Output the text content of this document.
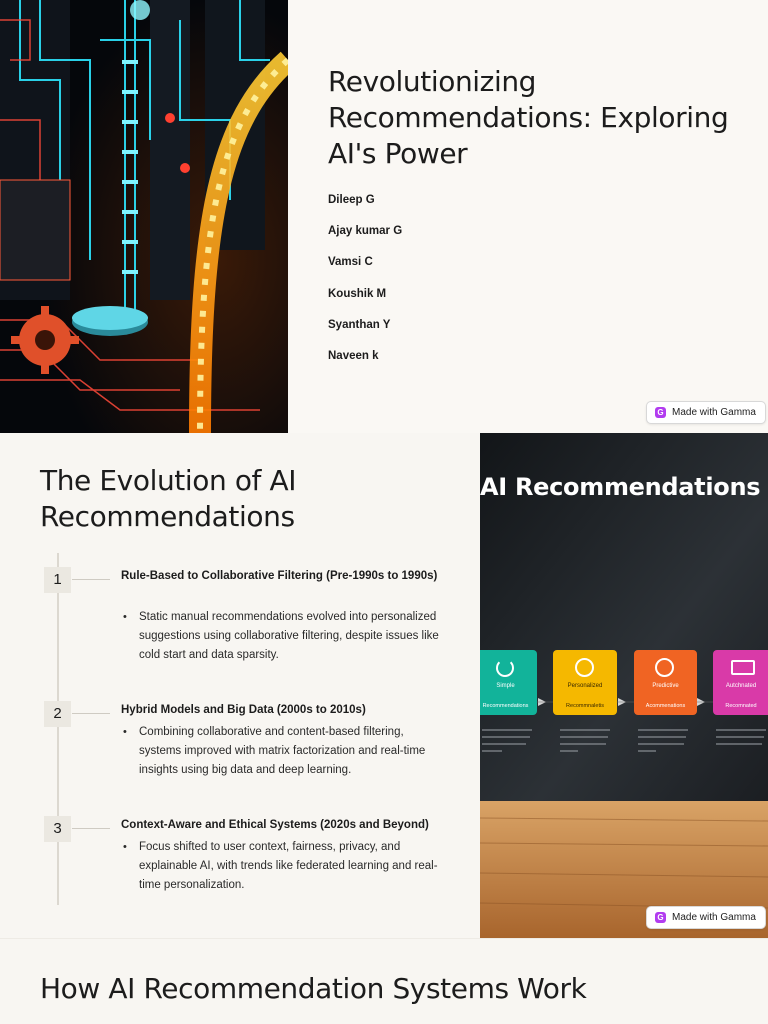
Revolutionizing Recommendations: Exploring AI's Power
Dileep G
Ajay kumar G
Vamsi C
Koushik M
Syanthan Y
Naveen k
G Made with Gamma
The Evolution of AI Recommendations
1	Rule-Based to Collaborative Filtering (Pre-1990s to 1990s)

• Static manual recommendations evolved into personalized suggestions using collaborative filtering, despite issues like cold start and data sparsity.

2	Hybrid Models and Big Data (2000s to 2010s)

• Combining collaborative and content-based filtering, systems improved with matrix factorization and real-time insights using big data and deep learning.

3	Context-Aware and Ethical Systems (2020s and Beyond)

• Focus shifted to user context, fairness, privacy, and explainable AI, with trends like federated learning and real-time personalization.

Simple
Recommendations
Personalized
Recommnaletis
Predictive
Acommenations
Autchnated
Recomnated
AI Recommendations
G Made with Gamma
How AI Recommendation Systems Work
